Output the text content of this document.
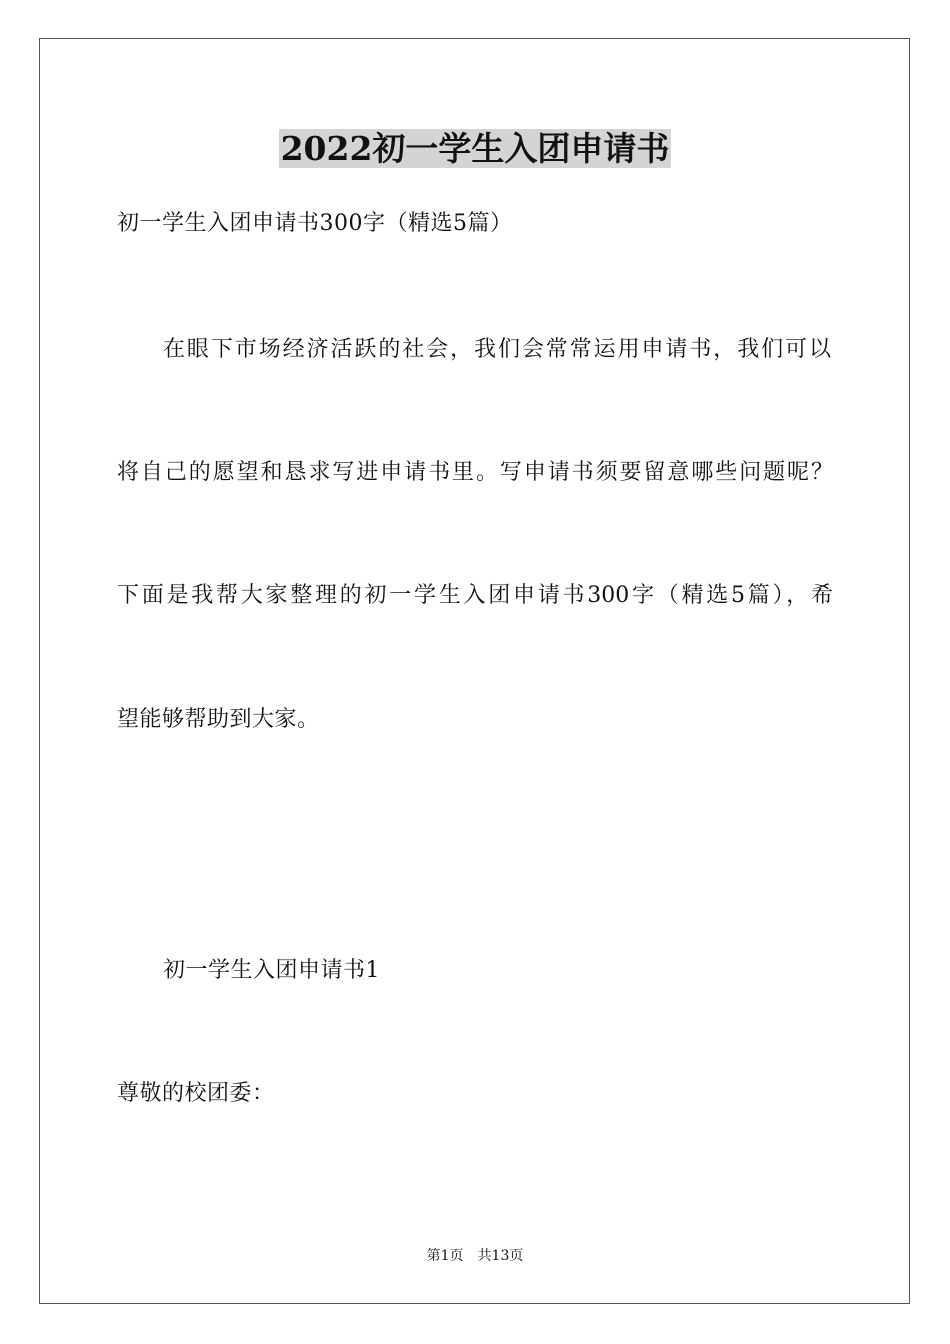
2022初一学生入团申请书
初一学生入团申请书300字（精选5篇）
在眼下市场经济活跃的社会，我们会常常运用申请书，我们可以
将自己的愿望和恳求写进申请书里。写申请书须要留意哪些问题呢？
下面是我帮大家整理的初一学生入团申请书300字（精选5篇），希
望能够帮助到大家。
初一学生入团申请书1
尊敬的校团委：
第1页　共13页
